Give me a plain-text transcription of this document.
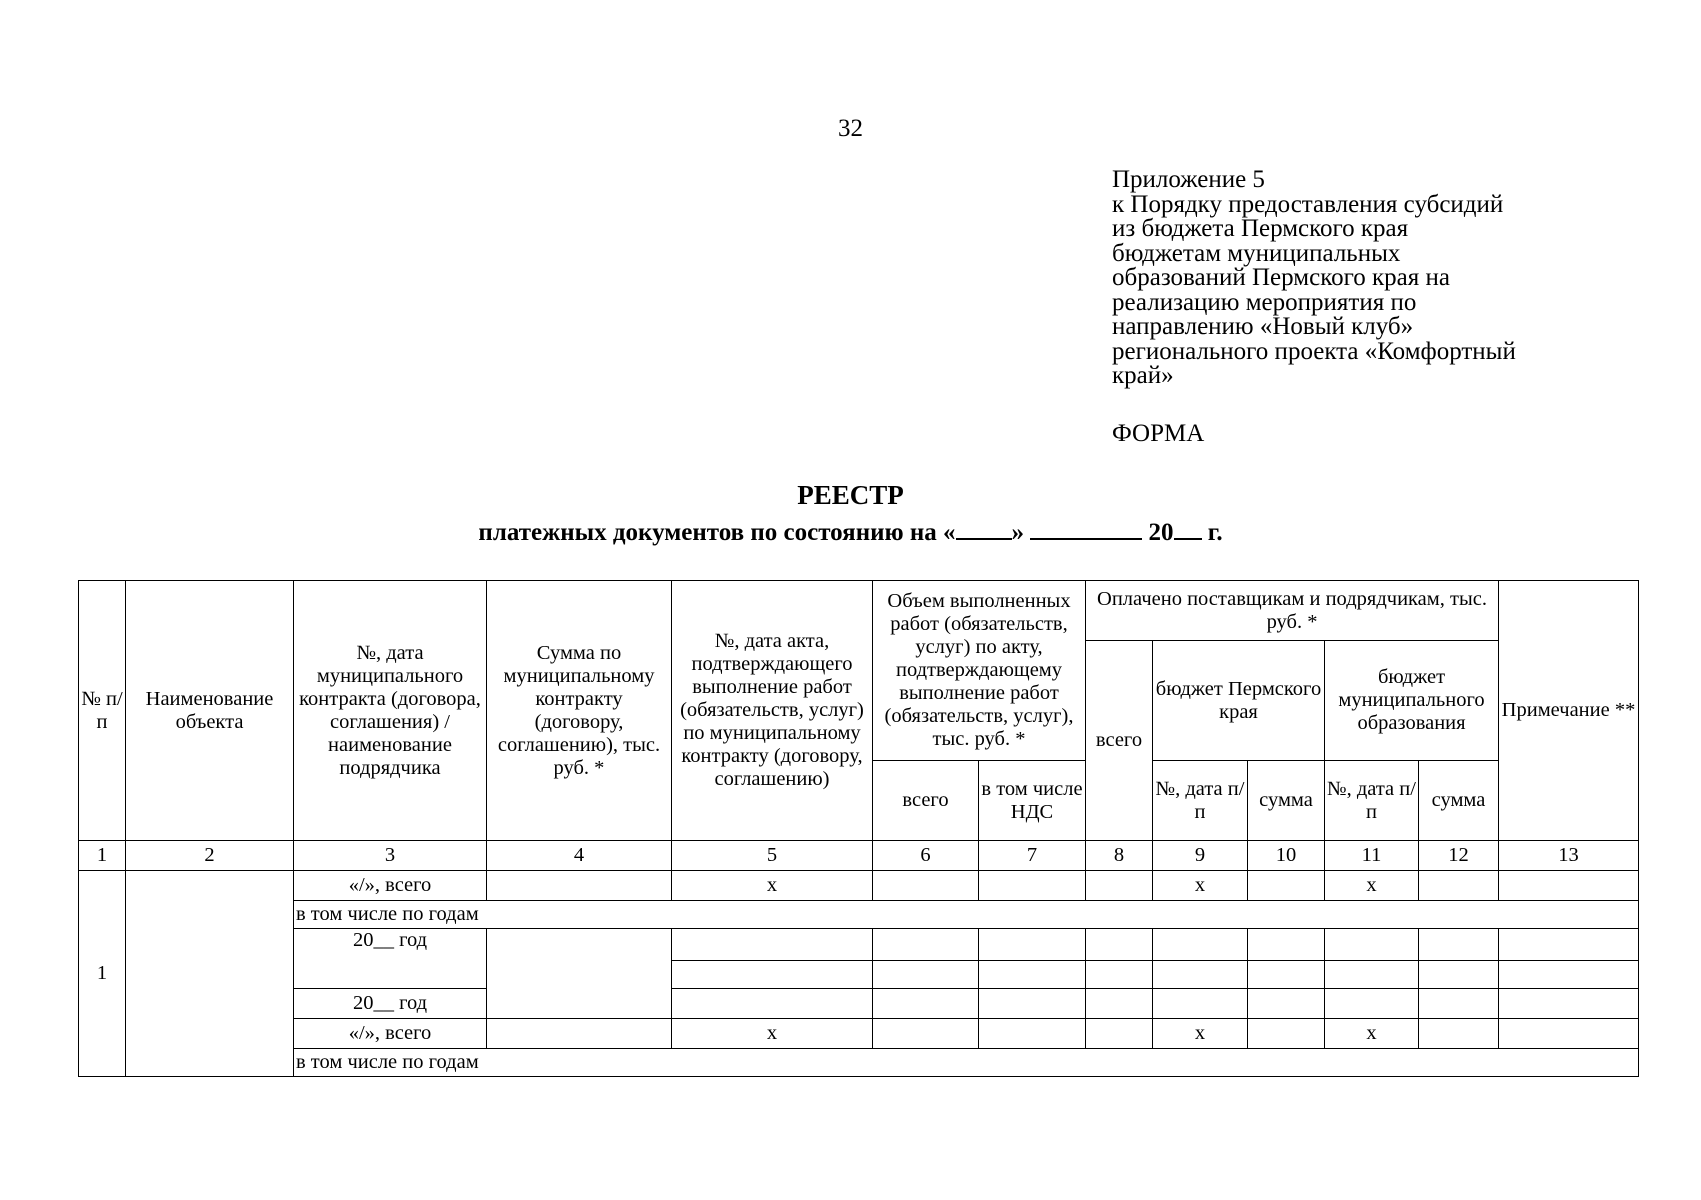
32
Приложение 5
к Порядку предоставления субсидий
из бюджета Пермского края
бюджетам муниципальных
образований Пермского края на
реализацию мероприятия по
направлению «Новый клуб»
регионального проекта «Комфортный
край»
ФОРМА
РЕЕСТР
платежных документов по состоянию на « »	20 г.
№ п/п	Наименование объекта	№, дата муниципального контракта (договора, соглашения) / наименование подрядчика	Сумма по муниципальному контракту (договору, соглашению), тыс. руб. *	№, дата акта, подтверждающего выполнение работ (обязательств, услуг) по муниципальному контракту (договору, соглашению)	Объем выполненных работ (обязательств, услуг) по акту, подтверждающему выполнение работ (обязательств, услуг), тыс. руб. *		Оплачено поставщикам и подрядчикам, тыс. руб. *					Примечание **
							всего	бюджет Пермского края		бюджет муниципального образования		
					всего	в том числе НДС		№, дата п/п	сумма	№, дата п/п	сумма	
1	2	3	4	5	6	7	8	9	10	11	12	13
1		«/», всего		х				х		х		
		в том числе по годам										
		20__ год										

		20__ год										
		«/», всего		х				х		х		
		в том числе по годам										
